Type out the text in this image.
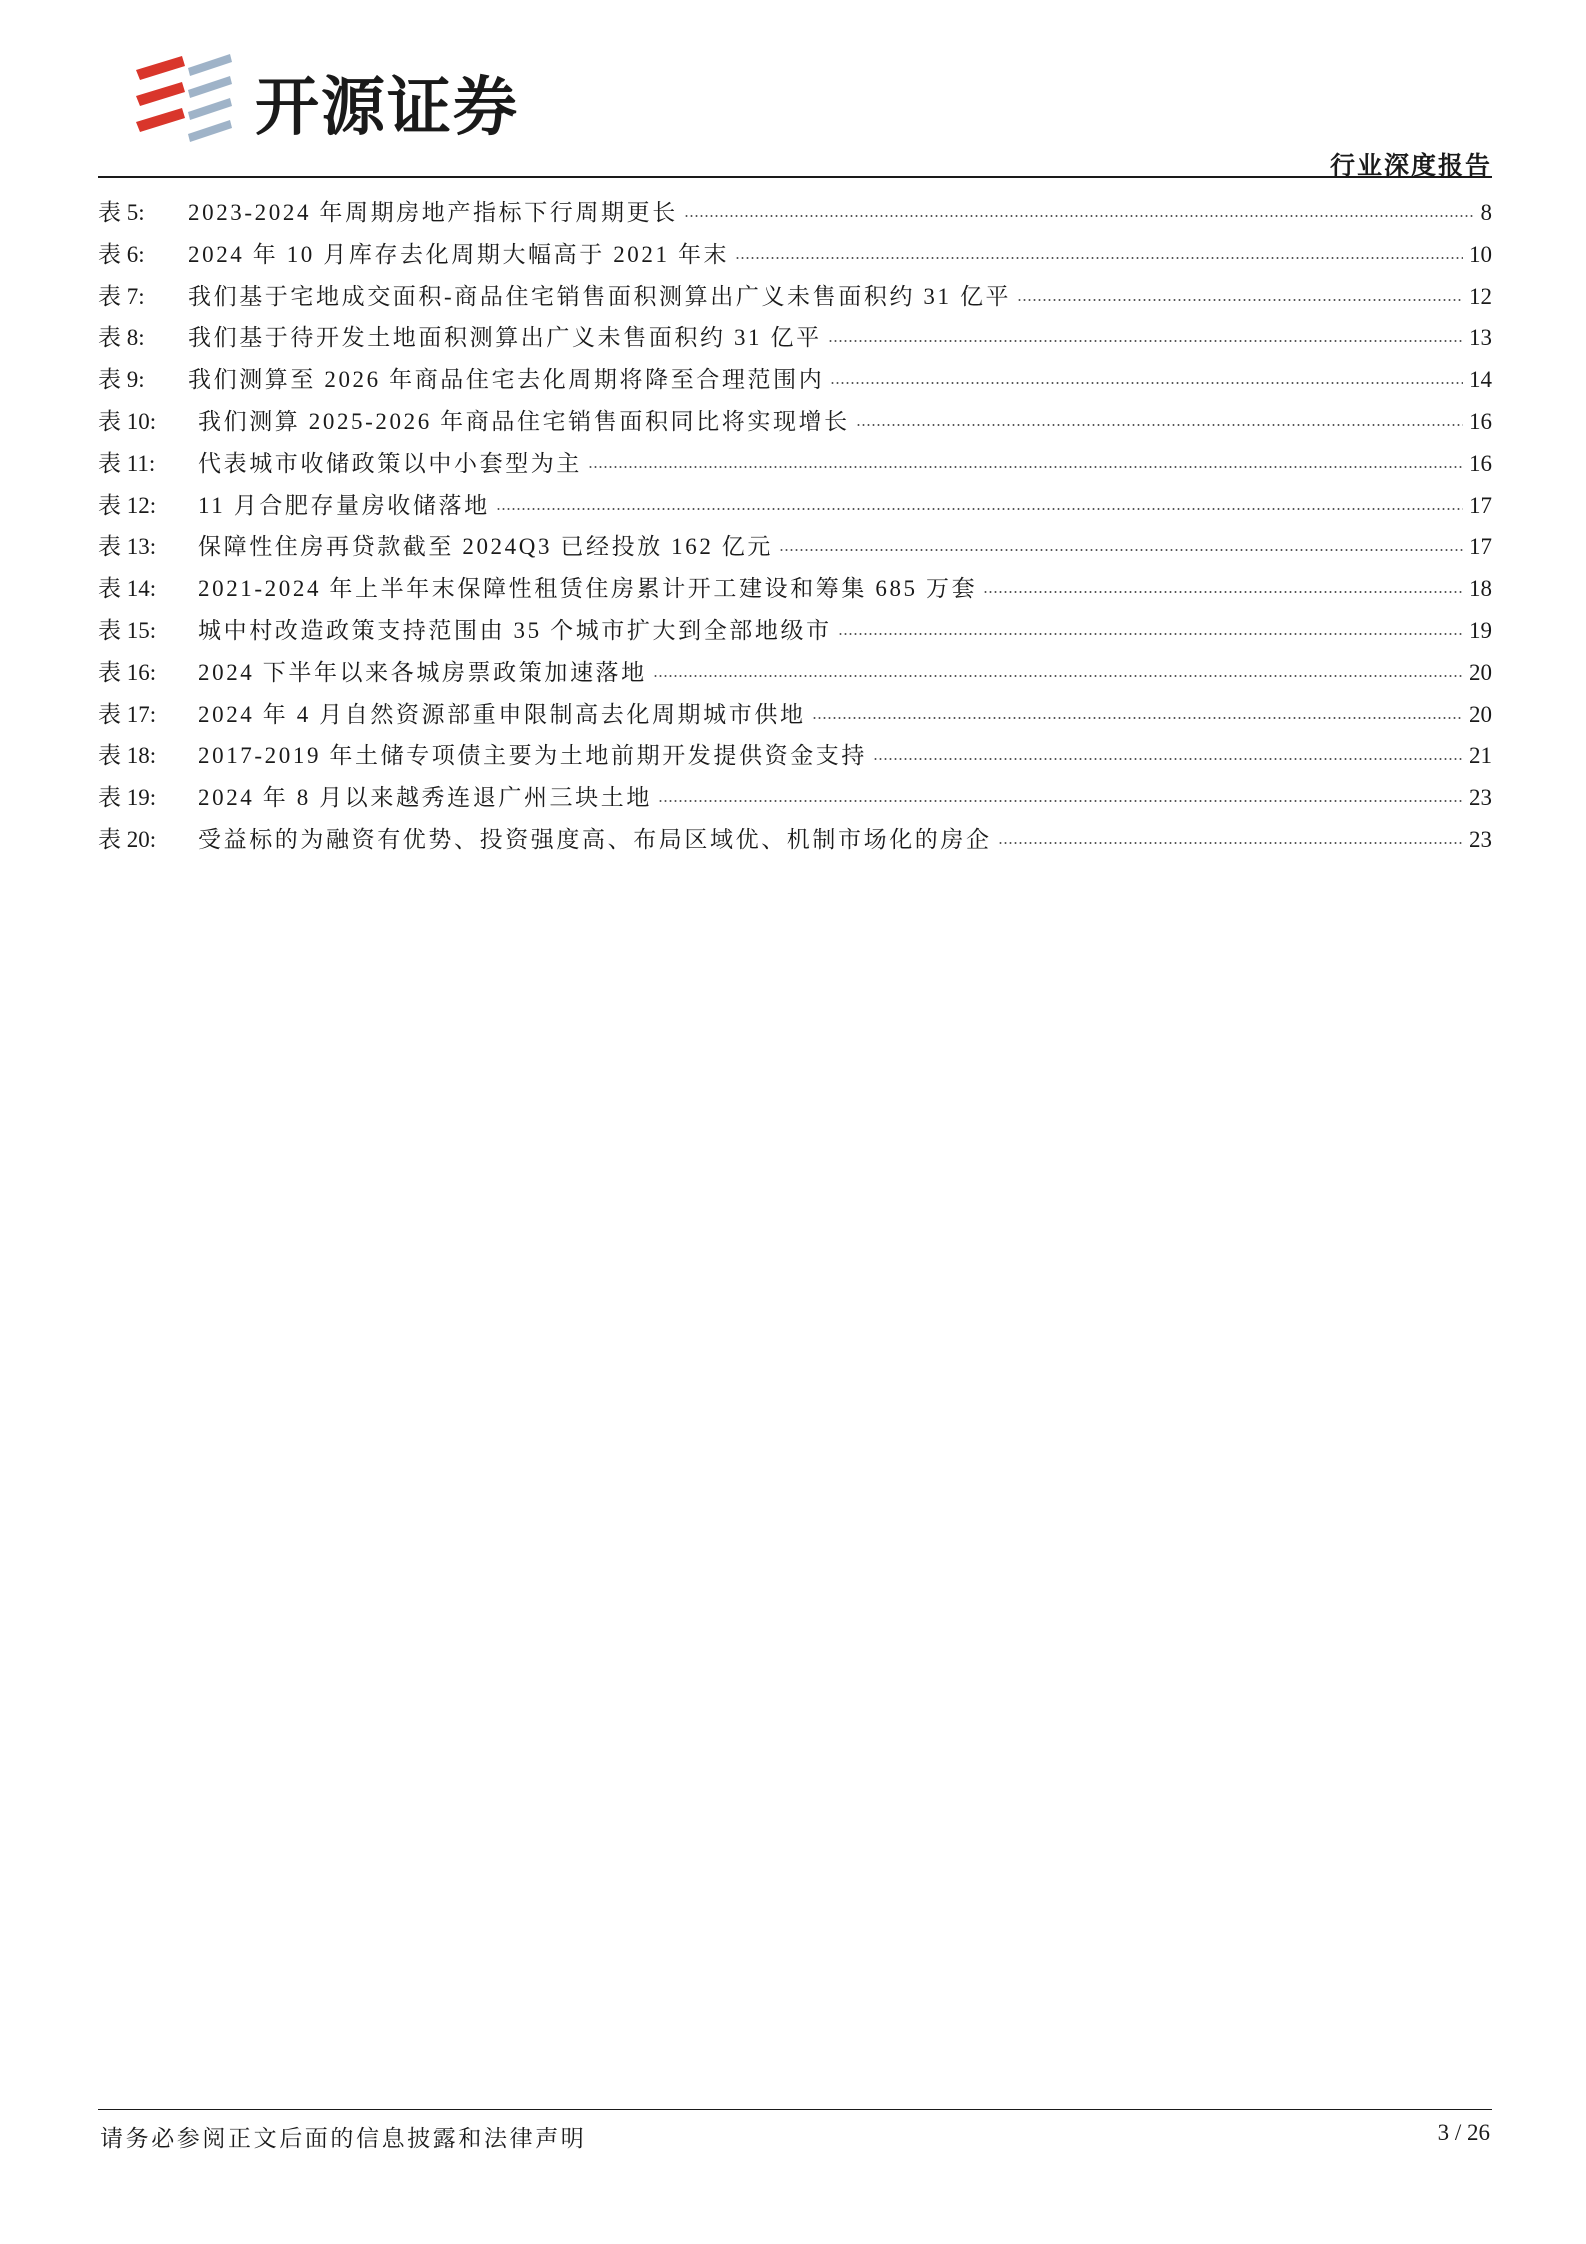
开源证券
行业深度报告
表 5:	2023-2024 年周期房地产指标下行周期更长	8
表 6:	2024 年 10 月库存去化周期大幅高于 2021 年末	10
表 7:	我们基于宅地成交面积-商品住宅销售面积测算出广义未售面积约 31 亿平	12
表 8:	我们基于待开发土地面积测算出广义未售面积约 31 亿平	13
表 9:	我们测算至 2026 年商品住宅去化周期将降至合理范围内	14
表 10:	我们测算 2025-2026 年商品住宅销售面积同比将实现增长	16
表 11:	代表城市收储政策以中小套型为主	16
表 12:	11 月合肥存量房收储落地	17
表 13:	保障性住房再贷款截至 2024Q3 已经投放 162 亿元	17
表 14:	2021-2024 年上半年末保障性租赁住房累计开工建设和筹集 685 万套	18
表 15:	城中村改造政策支持范围由 35 个城市扩大到全部地级市	19
表 16:	2024 下半年以来各城房票政策加速落地	20
表 17:	2024 年 4 月自然资源部重申限制高去化周期城市供地	20
表 18:	2017-2019 年土储专项债主要为土地前期开发提供资金支持	21
表 19:	2024 年 8 月以来越秀连退广州三块土地	23
表 20:	受益标的为融资有优势、投资强度高、布局区域优、机制市场化的房企	23
请务必参阅正文后面的信息披露和法律声明	3 / 26
